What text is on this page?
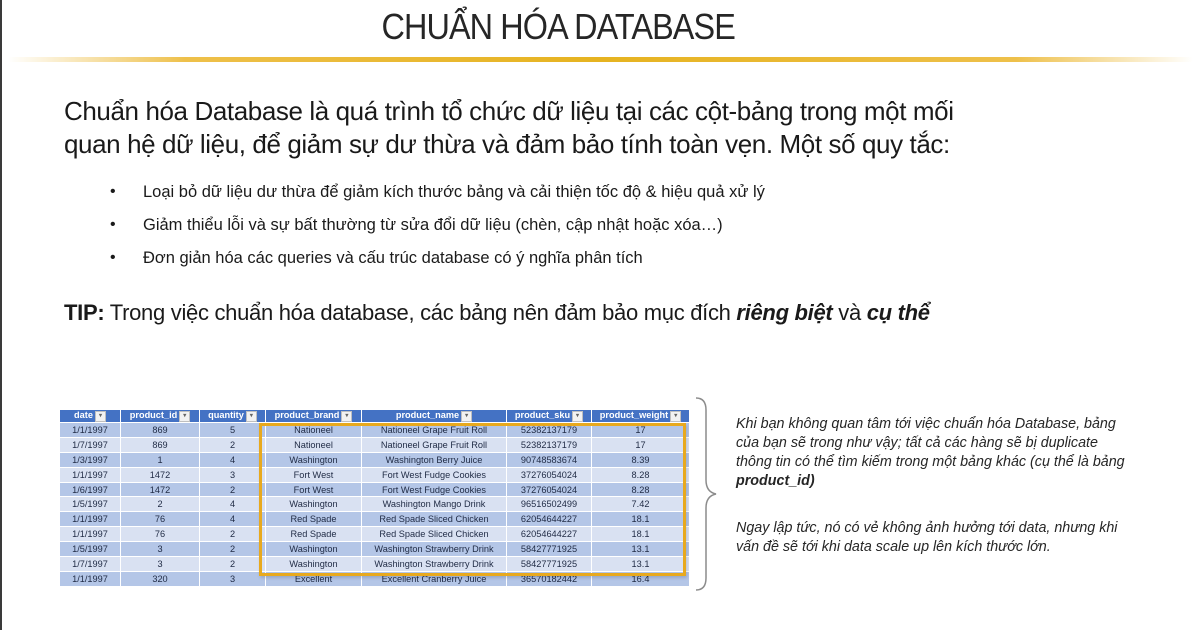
CHUẨN HÓA DATABASE
Chuẩn hóa Database là quá trình tổ chức dữ liệu tại các cột-bảng trong một mối
quan hệ dữ liệu, để giảm sự dư thừa và đảm bảo tính toàn vẹn. Một số quy tắc:
• Loại bỏ dữ liệu dư thừa để giảm kích thước bảng và cải thiện tốc độ & hiệu quả xử lý
• Giảm thiểu lỗi và sự bất thường từ sửa đổi dữ liệu (chèn, cập nhật hoặc xóa…)
• Đơn giản hóa các queries và cấu trúc database có ý nghĩa phân tích
TIP: Trong việc chuẩn hóa database, các bảng nên đảm bảo mục đích riêng biệt và cụ thể
date ▾	product_id ▾	quantity ▾	product_brand ▾	product_name ▾	product_sku ▾	product_weight ▾
1/1/1997	869	5	Nationeel	Nationeel Grape Fruit Roll	52382137179	17
1/7/1997	869	2	Nationeel	Nationeel Grape Fruit Roll	52382137179	17
1/3/1997	1	4	Washington	Washington Berry Juice	90748583674	8.39
1/1/1997	1472	3	Fort West	Fort West Fudge Cookies	37276054024	8.28
1/6/1997	1472	2	Fort West	Fort West Fudge Cookies	37276054024	8.28
1/5/1997	2	4	Washington	Washington Mango Drink	96516502499	7.42
1/1/1997	76	4	Red Spade	Red Spade Sliced Chicken	62054644227	18.1
1/1/1997	76	2	Red Spade	Red Spade Sliced Chicken	62054644227	18.1
1/5/1997	3	2	Washington	Washington Strawberry Drink	58427771925	13.1
1/7/1997	3	2	Washington	Washington Strawberry Drink	58427771925	13.1
1/1/1997	320	3	Excellent	Excellent Cranberry Juice	36570182442	16.4
Khi bạn không quan tâm tới việc chuẩn hóa Database, bảng của bạn sẽ trong như vậy; tất cả các hàng sẽ bị duplicate thông tin có thể tìm kiếm trong một bảng khác (cụ thể là bảng product_id)
Ngay lập tức, nó có vẻ không ảnh hưởng tới data, nhưng khi vấn đề sẽ tới khi data scale up lên kích thước lớn.
